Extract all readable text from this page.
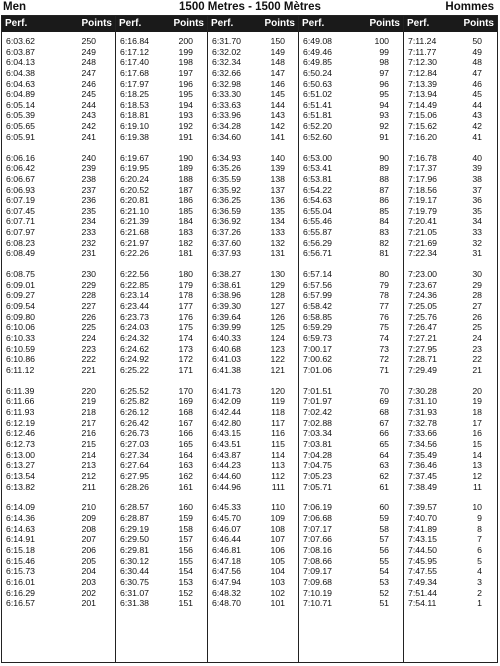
Men	1500 Metres - 1500 Mètres	Hommes
Perf.	Points
6:03.62	250
6:03.87	249
6:04.13	248
6:04.38	247
6:04.63	246
6:04.89	245
6:05.14	244
6:05.39	243
6:05.65	242
6:05.91	241
6:06.16	240
6:06.42	239
6:06.67	238
6:06.93	237
6:07.19	236
6:07.45	235
6:07.71	234
6:07.97	233
6:08.23	232
6:08.49	231
6:08.75	230
6:09.01	229
6:09.27	228
6:09.54	227
6:09.80	226
6:10.06	225
6:10.33	224
6:10.59	223
6:10.86	222
6:11.12	221
6:11.39	220
6:11.66	219
6:11.93	218
6:12.19	217
6:12.46	216
6:12.73	215
6:13.00	214
6:13.27	213
6:13.54	212
6:13.82	211
6:14.09	210
6:14.36	209
6:14.63	208
6:14.91	207
6:15.18	206
6:15.46	205
6:15.73	204
6:16.01	203
6:16.29	202
6:16.57	201
Perf.	Points
6:16.84	200
6:17.12	199
6:17.40	198
6:17.68	197
6:17.97	196
6:18.25	195
6:18.53	194
6:18.81	193
6:19.10	192
6:19.38	191
6:19.67	190
6:19.95	189
6:20.24	188
6:20.52	187
6:20.81	186
6:21.10	185
6:21.39	184
6:21.68	183
6:21.97	182
6:22.26	181
6:22.56	180
6:22.85	179
6:23.14	178
6:23.44	177
6:23.73	176
6:24.03	175
6:24.32	174
6:24.62	173
6:24.92	172
6:25.22	171
6:25.52	170
6:25.82	169
6:26.12	168
6:26.42	167
6:26.73	166
6:27.03	165
6:27.34	164
6:27.64	163
6:27.95	162
6:28.26	161
6:28.57	160
6:28.87	159
6:29.19	158
6:29.50	157
6:29.81	156
6:30.12	155
6:30.44	154
6:30.75	153
6:31.07	152
6:31.38	151
Perf.	Points
6:31.70	150
6:32.02	149
6:32.34	148
6:32.66	147
6:32.98	146
6:33.30	145
6:33.63	144
6:33.96	143
6:34.28	142
6:34.60	141
6:34.93	140
6:35.26	139
6:35.59	138
6:35.92	137
6:36.25	136
6:36.59	135
6:36.92	134
6:37.26	133
6:37.60	132
6:37.93	131
6:38.27	130
6:38.61	129
6:38.96	128
6:39.30	127
6:39.64	126
6:39.99	125
6:40.33	124
6:40.68	123
6:41.03	122
6:41.38	121
6:41.73	120
6:42.09	119
6:42.44	118
6:42.80	117
6:43.15	116
6:43.51	115
6:43.87	114
6:44.23	113
6:44.60	112
6:44.96	111
6:45.33	110
6:45.70	109
6:46.07	108
6:46.44	107
6:46.81	106
6:47.18	105
6:47.56	104
6:47.94	103
6:48.32	102
6:48.70	101
Perf.	Points
6:49.08	100
6:49.46	99
6:49.85	98
6:50.24	97
6:50.63	96
6:51.02	95
6:51.41	94
6:51.81	93
6:52.20	92
6:52.60	91
6:53.00	90
6:53.41	89
6:53.81	88
6:54.22	87
6:54.63	86
6:55.04	85
6:55.46	84
6:55.87	83
6:56.29	82
6:56.71	81
6:57.14	80
6:57.56	79
6:57.99	78
6:58.42	77
6:58.85	76
6:59.29	75
6:59.73	74
7:00.17	73
7:00.62	72
7:01.06	71
7:01.51	70
7:01.97	69
7:02.42	68
7:02.88	67
7:03.34	66
7:03.81	65
7:04.28	64
7:04.75	63
7:05.23	62
7:05.71	61
7:06.19	60
7:06.68	59
7:07.17	58
7:07.66	57
7:08.16	56
7:08.66	55
7:09.17	54
7:09.68	53
7:10.19	52
7:10.71	51
Perf.	Points
7:11.24	50
7:11.77	49
7:12.30	48
7:12.84	47
7:13.39	46
7:13.94	45
7:14.49	44
7:15.06	43
7:15.62	42
7:16.20	41
7:16.78	40
7:17.37	39
7:17.96	38
7:18.56	37
7:19.17	36
7:19.79	35
7:20.41	34
7:21.05	33
7:21.69	32
7:22.34	31
7:23.00	30
7:23.67	29
7:24.36	28
7:25.05	27
7:25.76	26
7:26.47	25
7:27.21	24
7:27.95	23
7:28.71	22
7:29.49	21
7:30.28	20
7:31.10	19
7:31.93	18
7:32.78	17
7:33.66	16
7:34.56	15
7:35.49	14
7:36.46	13
7:37.45	12
7:38.49	11
7:39.57	10
7:40.70	9
7:41.89	8
7:43.15	7
7:44.50	6
7:45.95	5
7:47.55	4
7:49.34	3
7:51.44	2
7:54.11	1
